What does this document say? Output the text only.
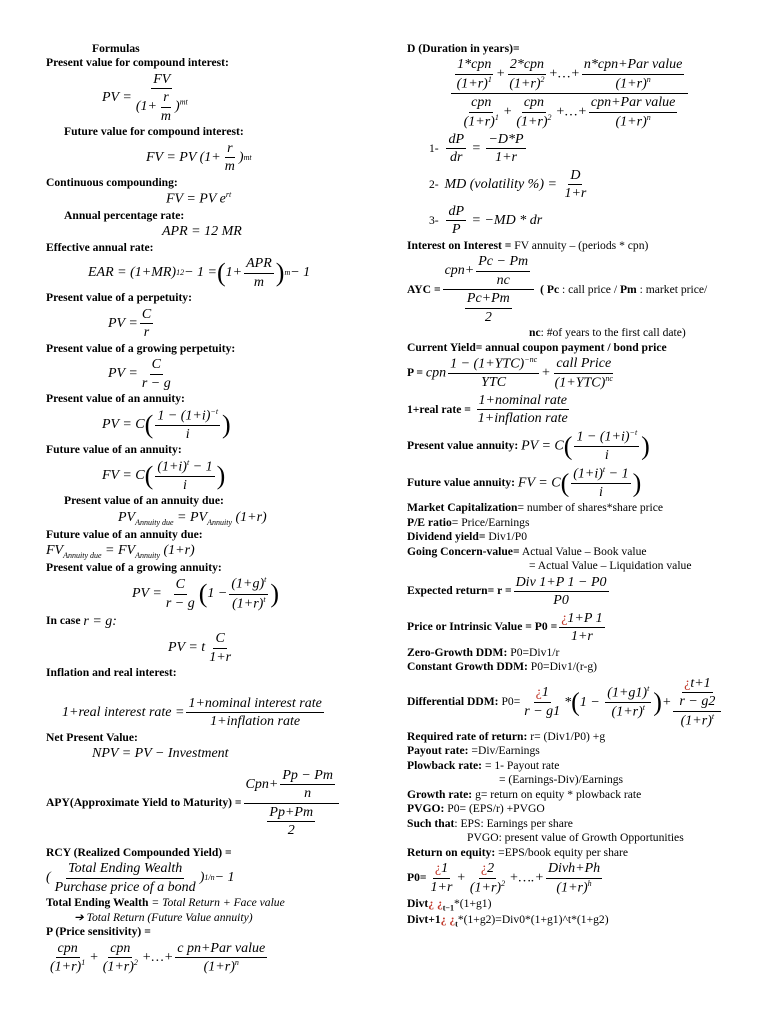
Formulas
Present value for compound interest:
PV =
FV
$(1+ \frac{r}{m} )^{mt}$
Future value for compound interest:
FV = PV (1+
r
m
) mt
Continuous compounding:
FV = PV $e^{rt}$
Annual percentage rate:
APR = 12 MR
Effective annual rate:
EAR = (1+MR) 12 − 1 = ( 1+
APR
m ) m − 1
Present value of a perpetuity:
PV =
C
r
Present value of a growing perpetuity:
PV =
C
r − g
Present value of an annuity:
PV = C ( $1 - (1+i)^{-t}$
i )
Future value of an annuity:
FV = C ( $(1+i)^t - 1$
i )
Present value of an annuity due:
$PV_{Annuity due} = PV_{Annuity}$ (1+r)
Future value of an annuity due:
$FV_{Annuity due} = FV_{Annuity}$ (1+r)
Present value of a growing annuity:
PV =
C
r − g ( 1 −
$(1+g)^t$
$(1+r)^t$ )
In case
r = g:
PV = t
C
1+r
Inflation and real interest:
1+real interest rate =
1+nominal interest rate
1+inflation rate
Net Present Value:
NPV = PV − Investment
APY(Approximate Yield to Maturity) =
$Cpn+ \frac{Pp - Pm}{n}$
$\frac{Pp+Pm}{2}$
RCY (Realized Compounded Yield) =
(
Total Ending Wealth
Purchase price of a bond
) 1/n − 1
Total Ending Wealth
= Total Return + Face value
➔ Total Return (Future Value annuity)
P (Price sensitivity) =
cpn
$(1+r)^1$ +
cpn
$(1+r)^2$ +…+
c pn+Par value
$(1+r)^n$
D (Duration in years)=
1*cpn
$(1+r)^1$ +
2*cpn
$(1+r)^2$ +…+
n*cpn+Par value
$(1+r)^n$
cpn
$(1+r)^1$ +
cpn
$(1+r)^2$ +…+
cpn+Par value
$(1+r)^n$
1-
$\frac{dP}{dr} = \frac{-D*P}{1+r}$
2-
MD (volatility %) = $\frac{D}{1+r}$
3-
$\frac{dP}{P} = -MD$ * dr
Interest on Interest = FV annuity – (periods * cpn)
AYC =
$cpn+ \frac{Pc - Pm}{nc}$
$\frac{Pc+Pm}{2}$
( Pc : call price / Pm : market price/
nc: #of years to the first call date)
Current Yield= annual coupon payment / bond price
P =
cpn
$1 - (1+YTC)^{-nc}$
YTC
+
call Price
$(1+YTC)^{nc}$
1+real rate =

1+nominal rate
1+inflation rate
Present value annuity:
PV = $C( \frac{1 - (1+i)^{-t}}{i}$ )
Future value annuity:
FV = $C( \frac{(1+i)^t - 1}{i}$ )
Market Capitalization= number of shares*share price
P/E ratio= Price/Earnings
Dividend yield= Div1/P0
Going Concern-value= Actual Value – Book value
= Actual Value – Liquidation value
Expected return= r =
Div 1+P 1 − P0
P0
Price or Intrinsic Value = $P0 = \frac{¿1+P 1}{1+r}$
Zero-Growth DDM: P0=Div1/r
Constant Growth DDM: P0=Div1/(r-g)
Differential DDM:
$P0= \frac{¿1}{r - g1} *(1 - \frac{(1+g1)^t}{(1+r)^t}$ )+ $\frac{\frac{¿t+1}{r - g2}}{(1+r)^t}$
Required rate of return: r= (Div1/P0) +g
Payout rate: =Div/Earnings
Plowback rate: = 1- Payout rate
= (Earnings-Div)/Earnings
Growth rate: g= return on equity * plowback rate
PVGO: P0= (EPS/r) +PVGO
Such that: EPS: Earnings per share
PVGO: present value of Growth Opportunities
Return on equity: =EPS/book equity per share
$P0= \frac{¿1}{1+r} + \frac{¿2}{(1+r)^2}$ +….+
Divh+Ph
$(1+r)^h$
Divt¿ ¿$_{t-1}*(1+g1)$
Divt+1¿ ¿$_t*(1+g2)=Div0*(1+g1)\^{}t*(1+g2)$
